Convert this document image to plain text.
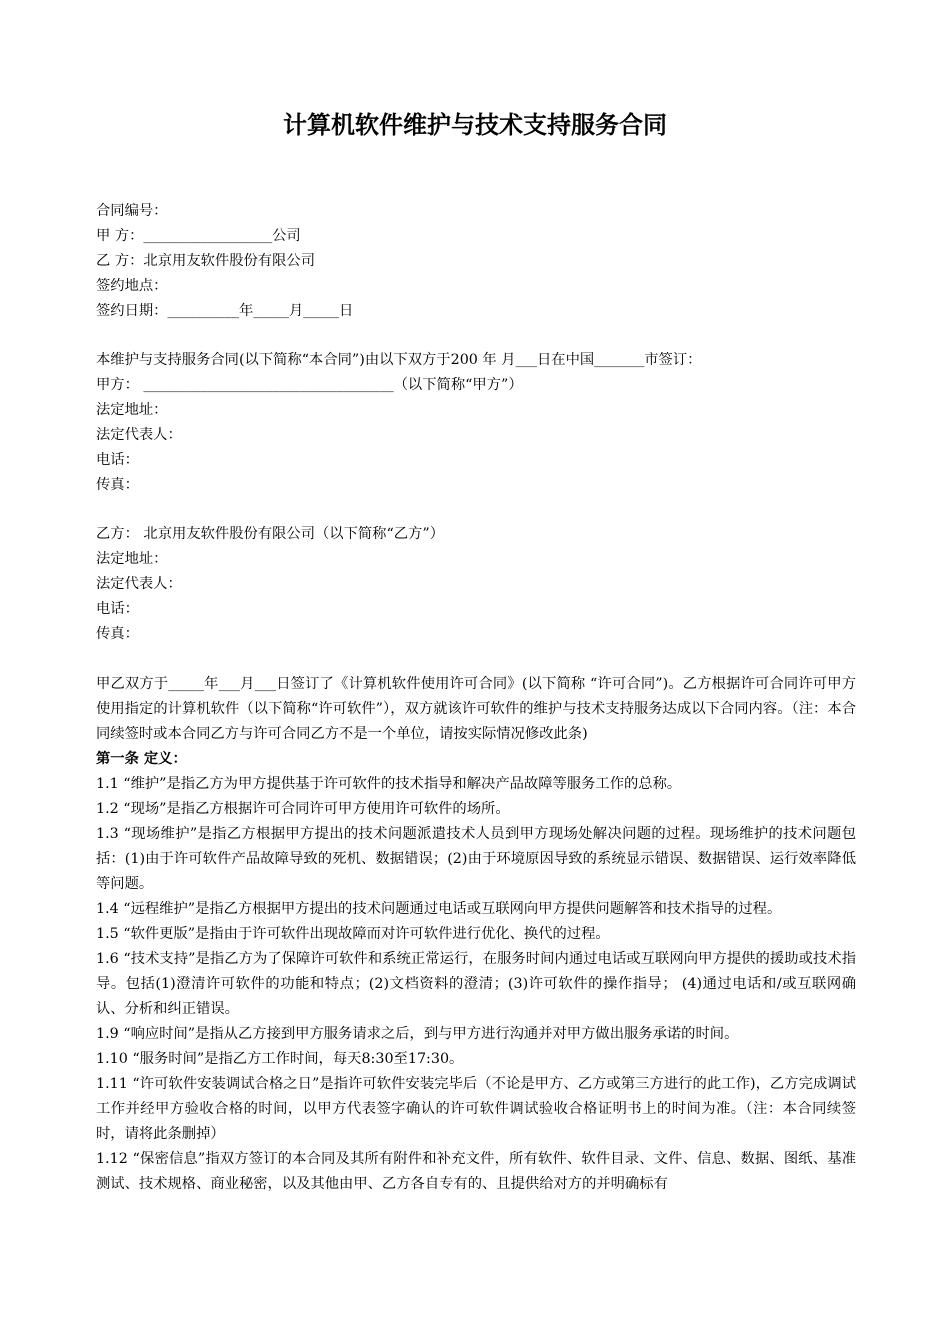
计算机软件维护与技术支持服务合同
合同编号：
甲 方：__________________公司
乙 方：北京用友软件股份有限公司
签约地点：
签约日期：__________年_____月_____日
本维护与支持服务合同(以下简称“本合同”)由以下双方于200 年 月___日在中国_______市签订：
甲方： ___________________________________（以下简称“甲方”）
法定地址：
法定代表人：
电话：
传真：
乙方： 北京用友软件股份有限公司（以下简称“乙方”）
法定地址：
法定代表人：
电话：
传真：
甲乙双方于_____年___月___日签订了《计算机软件使用许可合同》(以下简称 “许可合同”)。乙方根据许可合同许可甲方使用指定的计算机软件（以下简称“许可软件”），双方就该许可软件的维护与技术支持服务达成以下合同内容。（注：本合同续签时或本合同乙方与许可合同乙方不是一个单位，请按实际情况修改此条)
第一条 定义：
1.1 “维护”是指乙方为甲方提供基于许可软件的技术指导和解决产品故障等服务工作的总称。
1.2 “现场”是指乙方根据许可合同许可甲方使用许可软件的场所。
1.3 “现场维护”是指乙方根据甲方提出的技术问题派遣技术人员到甲方现场处解决问题的过程。现场维护的技术问题包括：(1)由于许可软件产品故障导致的死机、数据错误；(2)由于环境原因导致的系统显示错误、数据错误、运行效率降低等问题。
1.4 “远程维护”是指乙方根据甲方提出的技术问题通过电话或互联网向甲方提供问题解答和技术指导的过程。
1.5 “软件更版”是指由于许可软件出现故障而对许可软件进行优化、换代的过程。
1.6 “技术支持”是指乙方为了保障许可软件和系统正常运行，在服务时间内通过电话或互联网向甲方提供的援助或技术指导。包括(1)澄清许可软件的功能和特点；(2)文档资料的澄清；(3)许可软件的操作指导； (4)通过电话和/或互联网确认、分析和纠正错误。
1.9 “响应时间”是指从乙方接到甲方服务请求之后，到与甲方进行沟通并对甲方做出服务承诺的时间。
1.10 “服务时间”是指乙方工作时间，每天8:30至17:30。
1.11 “许可软件安装调试合格之日”是指许可软件安装完毕后（不论是甲方、乙方或第三方进行的此工作)，乙方完成调试工作并经甲方验收合格的时间，以甲方代表签字确认的许可软件调试验收合格证明书上的时间为准。（注：本合同续签时，请将此条删掉）
1.12 “保密信息”指双方签订的本合同及其所有附件和补充文件，所有软件、软件目录、文件、信息、数据、图纸、基准测试、技术规格、商业秘密，以及其他由甲、乙方各自专有的、且提供给对方的并明确标有
